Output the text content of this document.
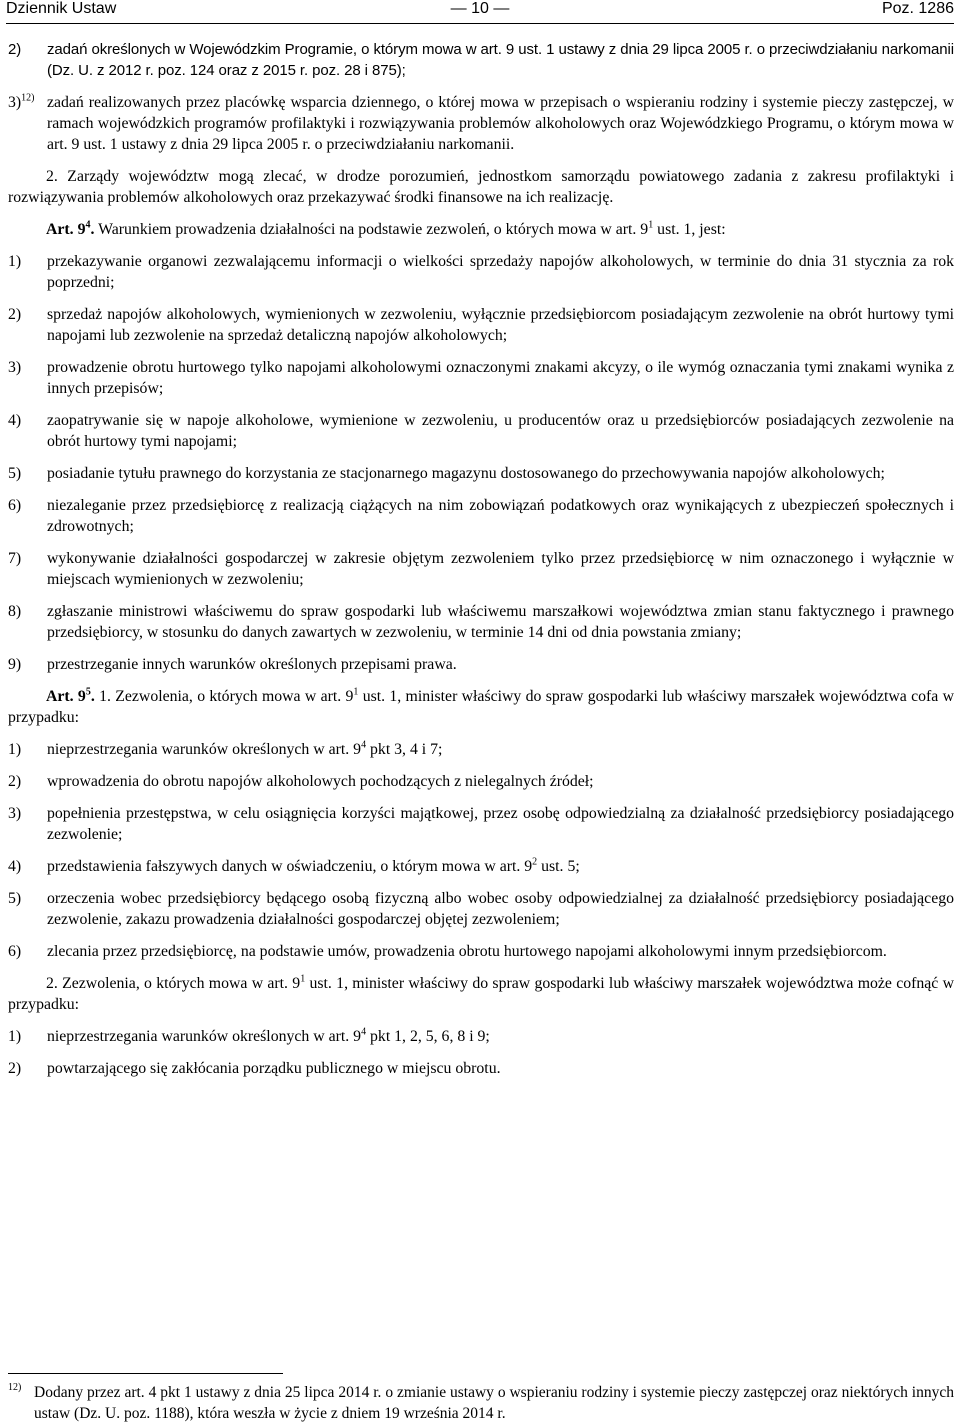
Dziennik Ustaw	— 10 —	Poz. 1286
2) zadań określonych w Wojewódzkim Programie, o którym mowa w art. 9 ust. 1 ustawy z dnia 29 lipca 2005 r. o przeciwdziałaniu narkomanii (Dz. U. z 2012 r. poz. 124 oraz z 2015 r. poz. 28 i 875);
3)$^{12)}$ zadań realizowanych przez placówkę wsparcia dziennego, o której mowa w przepisach o wspieraniu rodziny i systemie pieczy zastępczej, w ramach wojewódzkich programów profilaktyki i rozwiązywania problemów alkoholowych oraz Wojewódzkiego Programu, o którym mowa w art. 9 ust. 1 ustawy z dnia 29 lipca 2005 r. o przeciwdziałaniu narkomanii.
2. Zarządy województw mogą zlecać, w drodze porozumień, jednostkom samorządu powiatowego zadania z zakresu profilaktyki i rozwiązywania problemów alkoholowych oraz przekazywać środki finansowe na ich realizację.
Art. $9^4$. Warunkiem prowadzenia działalności na podstawie zezwoleń, o których mowa w art. $9^1$ ust. 1, jest:
1) przekazywanie organowi zezwalającemu informacji o wielkości sprzedaży napojów alkoholowych, w terminie do dnia 31 stycznia za rok poprzedni;
2) sprzedaż napojów alkoholowych, wymienionych w zezwoleniu, wyłącznie przedsiębiorcom posiadającym zezwolenie na obrót hurtowy tymi napojami lub zezwolenie na sprzedaż detaliczną napojów alkoholowych;
3) prowadzenie obrotu hurtowego tylko napojami alkoholowymi oznaczonymi znakami akcyzy, o ile wymóg oznaczania tymi znakami wynika z innych przepisów;
4) zaopatrywanie się w napoje alkoholowe, wymienione w zezwoleniu, u producentów oraz u przedsiębiorców posiadających zezwolenie na obrót hurtowy tymi napojami;
5) posiadanie tytułu prawnego do korzystania ze stacjonarnego magazynu dostosowanego do przechowywania napojów alkoholowych;
6) niezaleganie przez przedsiębiorcę z realizacją ciążących na nim zobowiązań podatkowych oraz wynikających z ubezpieczeń społecznych i zdrowotnych;
7) wykonywanie działalności gospodarczej w zakresie objętym zezwoleniem tylko przez przedsiębiorcę w nim oznaczonego i wyłącznie w miejscach wymienionych w zezwoleniu;
8) zgłaszanie ministrowi właściwemu do spraw gospodarki lub właściwemu marszałkowi województwa zmian stanu faktycznego i prawnego przedsiębiorcy, w stosunku do danych zawartych w zezwoleniu, w terminie 14 dni od dnia powstania zmiany;
9) przestrzeganie innych warunków określonych przepisami prawa.
Art. $9^5$. 1. Zezwolenia, o których mowa w art. $9^1$ ust. 1, minister właściwy do spraw gospodarki lub właściwy marszałek województwa cofa w przypadku:
1) nieprzestrzegania warunków określonych w art. $9^4$ pkt 3, 4 i 7;
2) wprowadzenia do obrotu napojów alkoholowych pochodzących z nielegalnych źródeł;
3) popełnienia przestępstwa, w celu osiągnięcia korzyści majątkowej, przez osobę odpowiedzialną za działalność przedsiębiorcy posiadającego zezwolenie;
4) przedstawienia fałszywych danych w oświadczeniu, o którym mowa w art. $9^2$ ust. 5;
5) orzeczenia wobec przedsiębiorcy będącego osobą fizyczną albo wobec osoby odpowiedzialnej za działalność przedsiębiorcy posiadającego zezwolenie, zakazu prowadzenia działalności gospodarczej objętej zezwoleniem;
6) zlecania przez przedsiębiorcę, na podstawie umów, prowadzenia obrotu hurtowego napojami alkoholowymi innym przedsiębiorcom.
2. Zezwolenia, o których mowa w art. $9^1$ ust. 1, minister właściwy do spraw gospodarki lub właściwy marszałek województwa może cofnąć w przypadku:
1) nieprzestrzegania warunków określonych w art. $9^4$ pkt 1, 2, 5, 6, 8 i 9;
2) powtarzającego się zakłócania porządku publicznego w miejscu obrotu.
12) Dodany przez art. 4 pkt 1 ustawy z dnia 25 lipca 2014 r. o zmianie ustawy o wspieraniu rodziny i systemie pieczy zastępczej oraz niektórych innych ustaw (Dz. U. poz. 1188), która weszła w życie z dniem 19 września 2014 r.
